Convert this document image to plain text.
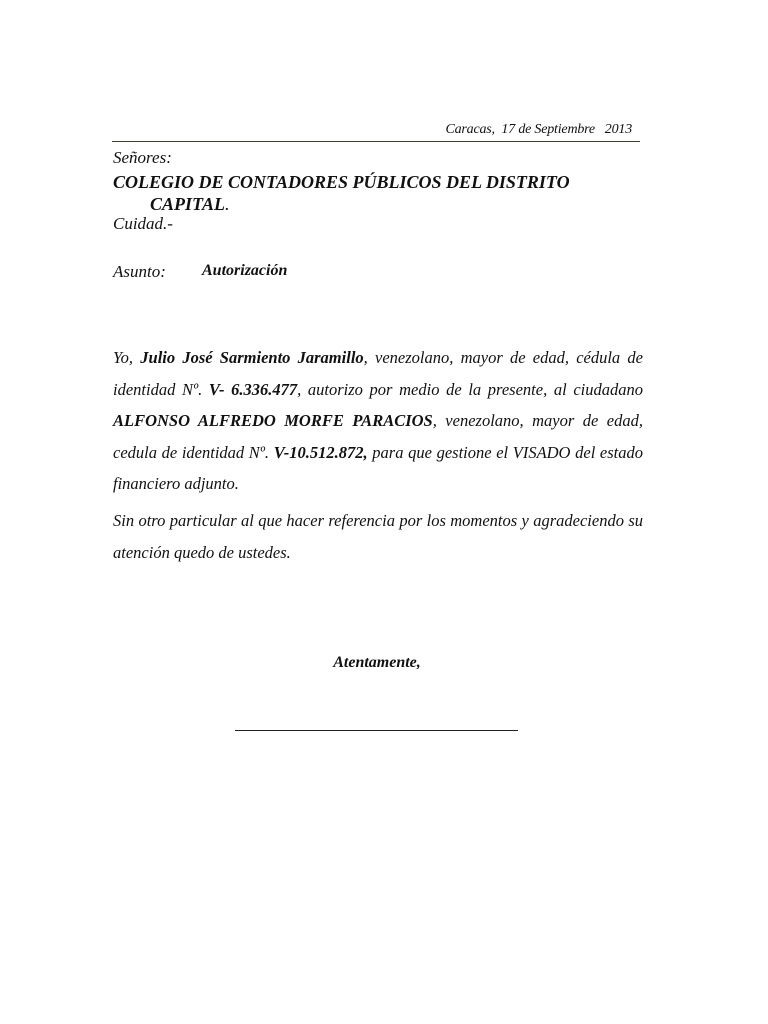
Caracas,  17 de Septiembre   2013
Señores:
COLEGIO DE CONTADORES PÚBLICOS DEL DISTRITO
CAPITAL.
Cuidad.-
Asunto: Autorización
Yo, Julio José Sarmiento Jaramillo, venezolano, mayor de edad, cédula de identidad Nº. V- 6.336.477, autorizo por medio de la presente, al ciudadano ALFONSO ALFREDO MORFE PARACIOS, venezolano, mayor de edad, cedula de identidad Nº. V-10.512.872, para que gestione el VISADO del estado financiero adjunto.
Sin otro particular al que hacer referencia por los momentos y agradeciendo su atención quedo de ustedes.
Atentamente,
